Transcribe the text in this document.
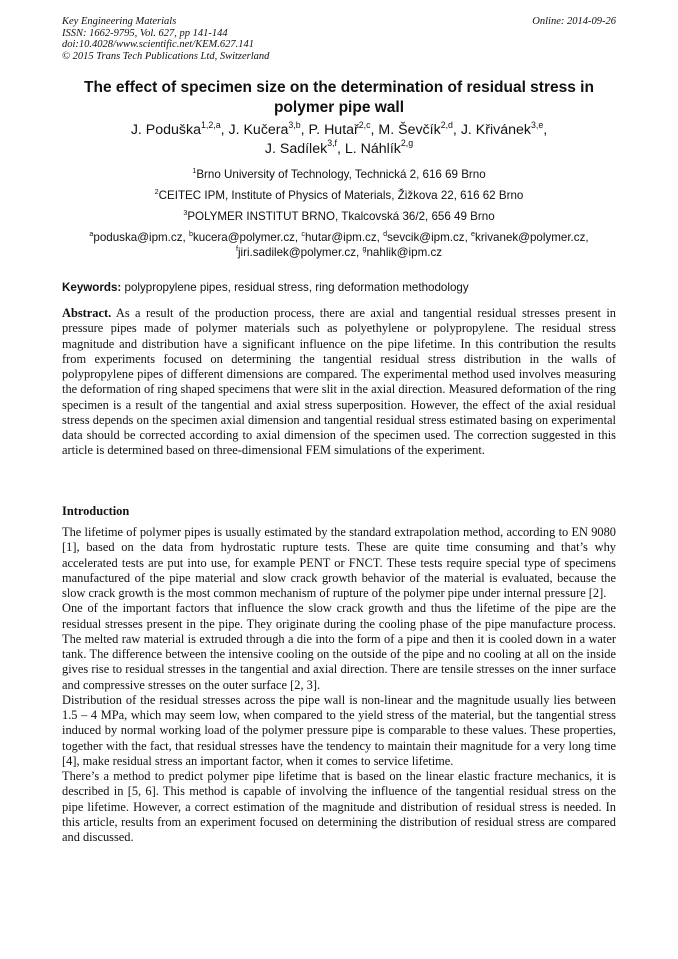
Key Engineering Materials
ISSN: 1662-9795, Vol. 627, pp 141-144
doi:10.4028/www.scientific.net/KEM.627.141
© 2015 Trans Tech Publications Ltd, Switzerland
Online: 2014-09-26
The effect of specimen size on the determination of residual stress in polymer pipe wall
J. Poduška$^{1,2,a}$, J. Kučera$^{3,b}$, P. Hutař$^{2,c}$, M. Ševčík$^{2,d}$, J. Křivánek$^{3,e}$,
J. Sadílek$^{3,f}$, L. Náhlík$^{2,g}$
$^1$Brno University of Technology, Technická 2, 616 69 Brno
$^2$CEITEC IPM, Institute of Physics of Materials, Žižkova 22, 616 62 Brno
$^3$POLYMER INSTITUT BRNO, Tkalcovská 36/2, 656 49 Brno
$^a$poduska@ipm.cz, $^b$kucera@polymer.cz, $^c$hutar@ipm.cz, $^d$sevcik@ipm.cz, $^e$krivanek@polymer.cz,
$^f$jiri.sadilek@polymer.cz, $^g$nahlik@ipm.cz
Keywords: polypropylene pipes, residual stress, ring deformation methodology
Abstract. As a result of the production process, there are axial and tangential residual stresses present in pressure pipes made of polymer materials such as polyethylene or polypropylene. The residual stress magnitude and distribution have a significant influence on the pipe lifetime. In this contribution the results from experiments focused on determining the tangential residual stress distribution in the walls of polypropylene pipes of different dimensions are compared. The experimental method used involves measuring the deformation of ring shaped specimens that were slit in the axial direction. Measured deformation of the ring specimen is a result of the tangential and axial stress superposition. However, the effect of the axial residual stress depends on the specimen axial dimension and tangential residual stress estimated basing on experimental data should be corrected according to axial dimension of the specimen used. The correction suggested in this article is determined based on three-dimensional FEM simulations of the experiment.
Introduction

The lifetime of polymer pipes is usually estimated by the standard extrapolation method, according to EN 9080 [1], based on the data from hydrostatic rupture tests. These are quite time consuming and that’s why accelerated tests are put into use, for example PENT or FNCT. These tests require special type of specimens manufactured of the pipe material and slow crack growth behavior of the material is evaluated, because the slow crack growth is the most common mechanism of rupture of the polymer pipe under internal pressure [2].

One of the important factors that influence the slow crack growth and thus the lifetime of the pipe are the residual stresses present in the pipe. They originate during the cooling phase of the pipe manufacture process. The melted raw material is extruded through a die into the form of a pipe and then it is cooled down in a water tank. The difference between the intensive cooling on the outside of the pipe and no cooling at all on the inside gives rise to residual stresses in the tangential and axial direction. There are tensile stresses on the inner surface and compressive stresses on the outer surface [2, 3].

Distribution of the residual stresses across the pipe wall is non-linear and the magnitude usually lies between 1.5 – 4 MPa, which may seem low, when compared to the yield stress of the material, but the tangential stress induced by normal working load of the polymer pressure pipe is comparable to these values. These properties, together with the fact, that residual stresses have the tendency to maintain their magnitude for a very long time [4], make residual stress an important factor, when it comes to service lifetime.

There’s a method to predict polymer pipe lifetime that is based on the linear elastic fracture mechanics, it is described in [5, 6]. This method is capable of involving the influence of the tangential residual stress on the pipe lifetime. However, a correct estimation of the magnitude and distribution of residual stress is needed. In this article, results from an experiment focused on determining the distribution of residual stress are compared and discussed.
